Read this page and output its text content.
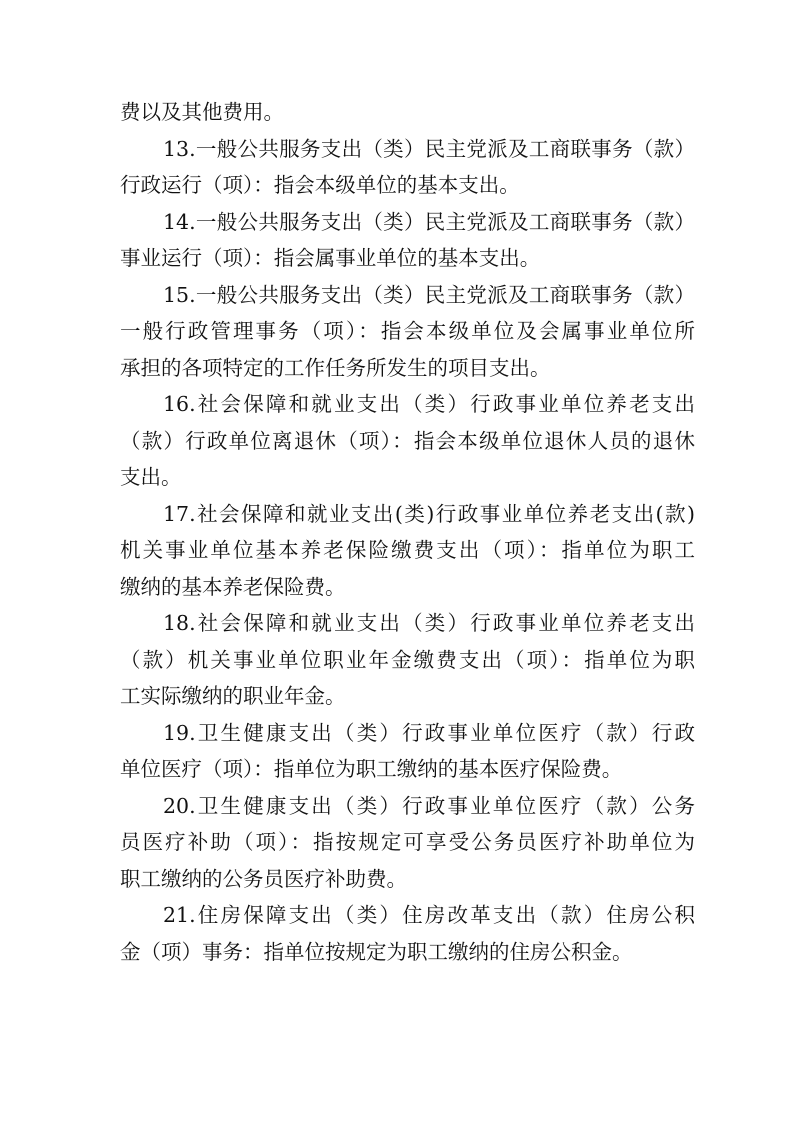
费以及其他费用。
13.一般公共服务支出（类）民主党派及工商联事务（款）
行政运行（项）：指会本级单位的基本支出。
14.一般公共服务支出（类）民主党派及工商联事务（款）
事业运行（项）：指会属事业单位的基本支出。
15.一般公共服务支出（类）民主党派及工商联事务（款）
一般行政管理事务（项）：指会本级单位及会属事业单位所
承担的各项特定的工作任务所发生的项目支出。
16.社会保障和就业支出（类）行政事业单位养老支出
（款）行政单位离退休（项）：指会本级单位退休人员的退休
支出。
17.社会保障和就业支出(类)行政事业单位养老支出(款)
机关事业单位基本养老保险缴费支出（项）：指单位为职工
缴纳的基本养老保险费。
18.社会保障和就业支出（类）行政事业单位养老支出
（款）机关事业单位职业年金缴费支出（项）：指单位为职
工实际缴纳的职业年金。
19.卫生健康支出（类）行政事业单位医疗（款）行政
单位医疗（项）：指单位为职工缴纳的基本医疗保险费。
20.卫生健康支出（类）行政事业单位医疗（款）公务
员医疗补助（项）：指按规定可享受公务员医疗补助单位为
职工缴纳的公务员医疗补助费。
21.住房保障支出（类）住房改革支出（款）住房公积
金（项）事务：指单位按规定为职工缴纳的住房公积金。
